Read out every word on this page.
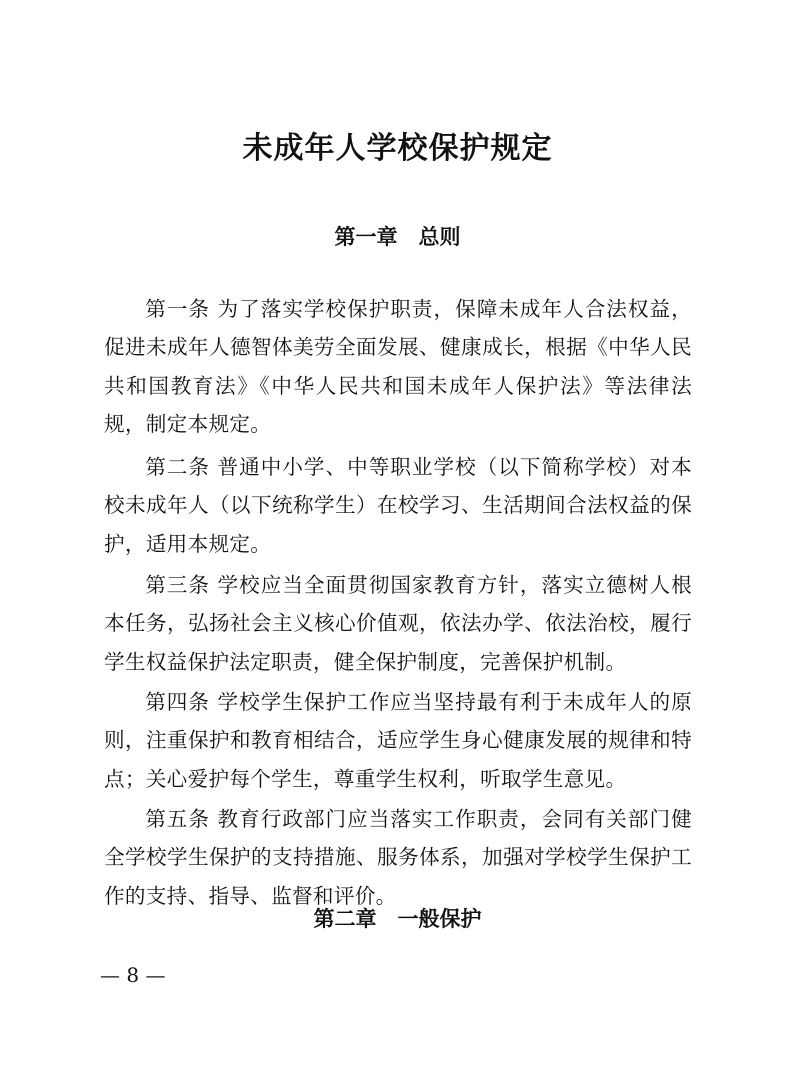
未成年人学校保护规定
第一章　总则

第一条 为了落实学校保护职责，保障未成年人合法权益，促进未成年人德智体美劳全面发展、健康成长，根据《中华人民共和国教育法》《中华人民共和国未成年人保护法》等法律法规，制定本规定。

第二条 普通中小学、中等职业学校（以下简称学校）对本校未成年人（以下统称学生）在校学习、生活期间合法权益的保护，适用本规定。

第三条 学校应当全面贯彻国家教育方针，落实立德树人根本任务，弘扬社会主义核心价值观，依法办学、依法治校，履行学生权益保护法定职责，健全保护制度，完善保护机制。

第四条 学校学生保护工作应当坚持最有利于未成年人的原则，注重保护和教育相结合，适应学生身心健康发展的规律和特点；关心爱护每个学生，尊重学生权利，听取学生意见。

第五条 教育行政部门应当落实工作职责，会同有关部门健全学校学生保护的支持措施、服务体系，加强对学校学生保护工作的支持、指导、监督和评价。

第二章　一般保护
— 8 —
